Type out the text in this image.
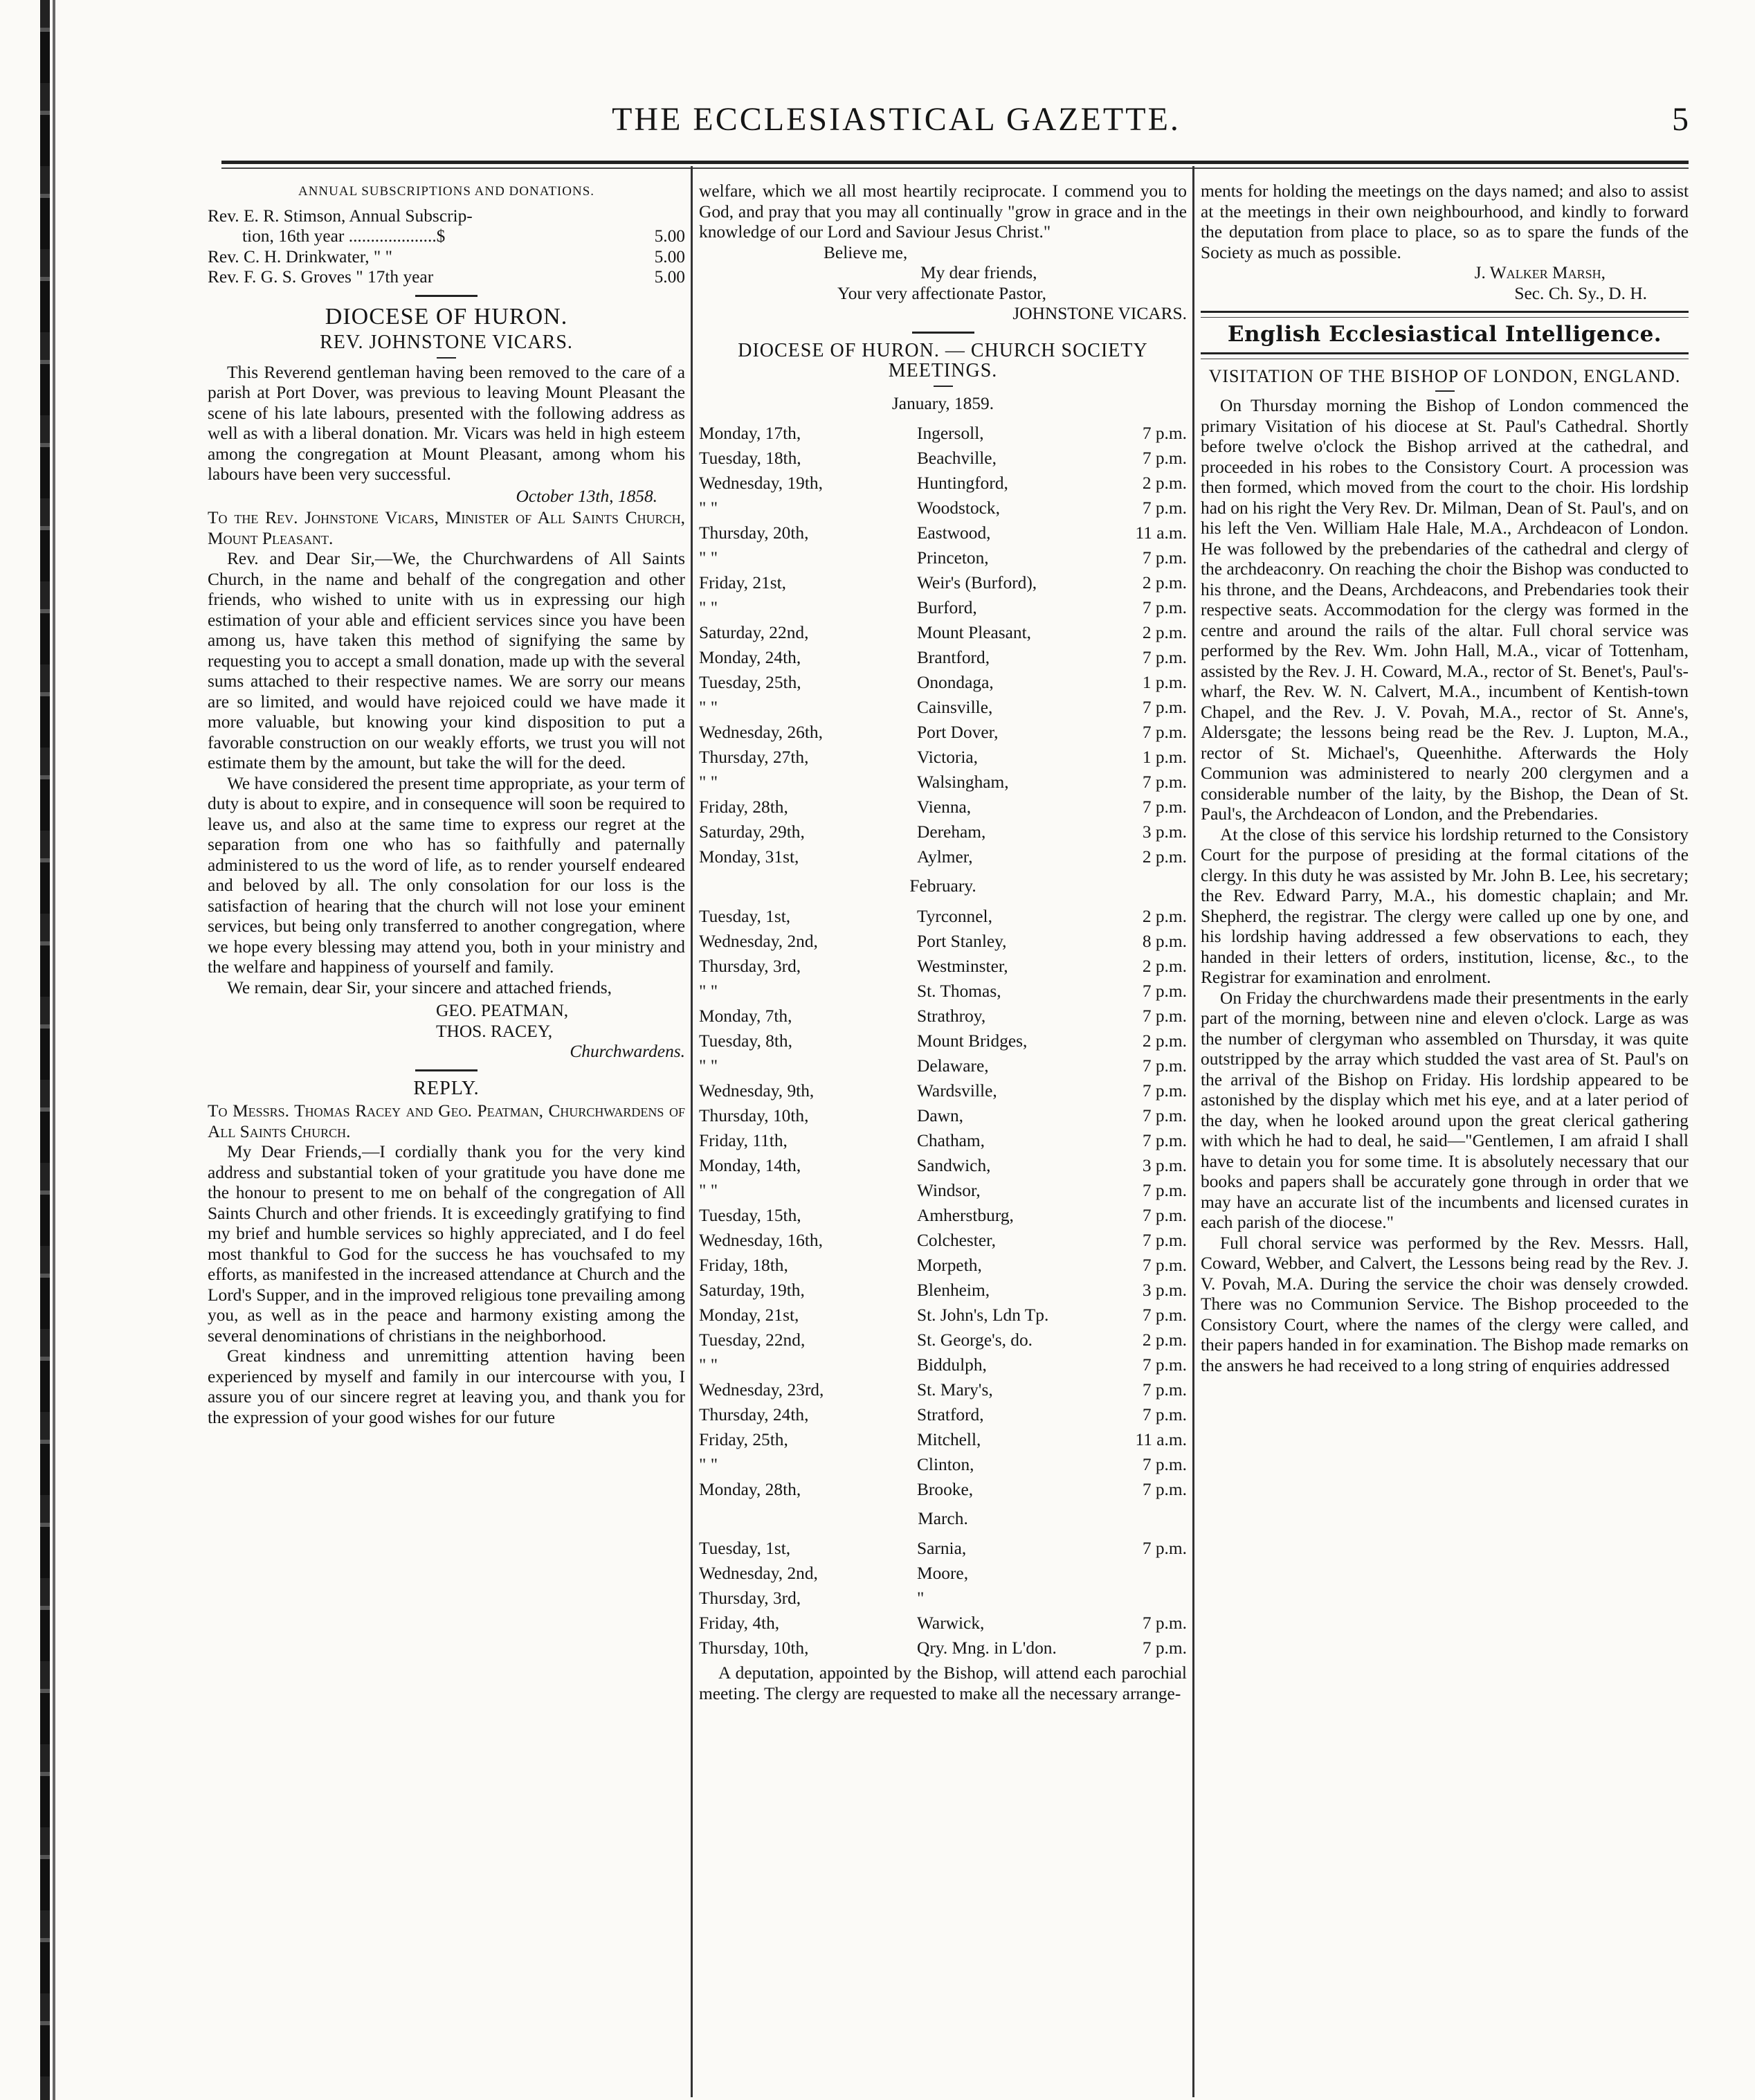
THE ECCLESIASTICAL GAZETTE.	5
ANNUAL SUBSCRIPTIONS AND DONATIONS.
Rev. E. R. Stimson, Annual Subscrip-
tion, 16th year ....................$	5.00
Rev. C. H. Drinkwater, " "	5.00
Rev. F. G. S. Groves " 17th year	5.00
DIOCESE OF HURON.
REV. JOHNSTONE VICARS.

This Reverend gentleman having been removed to the care of a parish at Port Dover, was previous to leaving Mount Pleasant the scene of his late labours, presented with the following address as well as with a liberal donation. Mr. Vicars was held in high esteem among the congregation at Mount Pleasant, among whom his labours have been very successful.

October 13th, 1858.

To the Rev. Johnstone Vicars, Minister of All Saints Church, Mount Pleasant.

Rev. and Dear Sir,—We, the Churchwardens of All Saints Church, in the name and behalf of the congregation and other friends, who wished to unite with us in expressing our high estimation of your able and efficient services since you have been among us, have taken this method of signifying the same by requesting you to accept a small donation, made up with the several sums attached to their respective names. We are sorry our means are so limited, and would have rejoiced could we have made it more valuable, but knowing your kind disposition to put a favorable construction on our weakly efforts, we trust you will not estimate them by the amount, but take the will for the deed.

We have considered the present time appropriate, as your term of duty is about to expire, and in consequence will soon be required to leave us, and also at the same time to express our regret at the separation from one who has so faithfully and paternally administered to us the word of life, as to render yourself endeared and beloved by all. The only consolation for our loss is the satisfaction of hearing that the church will not lose your eminent services, but being only transferred to another congregation, where we hope every blessing may attend you, both in your ministry and the welfare and happiness of yourself and family.

We remain, dear Sir, your sincere and attached friends,

GEO. PEATMAN,
THOS. RACEY,
Churchwardens.
REPLY.

To Messrs. Thomas Racey and Geo. Peatman, Churchwardens of All Saints Church.

My Dear Friends,—I cordially thank you for the very kind address and substantial token of your gratitude you have done me the honour to present to me on behalf of the congregation of All Saints Church and other friends. It is exceedingly gratifying to find my brief and humble services so highly appreciated, and I do feel most thankful to God for the success he has vouchsafed to my efforts, as manifested in the increased attendance at Church and the Lord's Supper, and in the improved religious tone prevailing among you, as well as in the peace and harmony existing among the several denominations of christians in the neighborhood.

Great kindness and unremitting attention having been experienced by myself and family in our intercourse with you, I assure you of our sincere regret at leaving you, and thank you for the expression of your good wishes for our future

welfare, which we all most heartily reciprocate. I commend you to God, and pray that you may all continually "grow in grace and in the knowledge of our Lord and Saviour Jesus Christ."

Believe me,
My dear friends,
Your very affectionate Pastor,
JOHNSTONE VICARS.
DIOCESE OF HURON. — CHURCH SOCIETY MEETINGS.
January, 1859.
Monday, 17th,	Ingersoll,	7 p.m.
Tuesday, 18th,	Beachville,	7 p.m.
Wednesday, 19th,	Huntingford,	2 p.m.
" "	Woodstock,	7 p.m.
Thursday, 20th,	Eastwood,	11 a.m.
" "	Princeton,	7 p.m.
Friday, 21st,	Weir's (Burford),	2 p.m.
" "	Burford,	7 p.m.
Saturday, 22nd,	Mount Pleasant,	2 p.m.
Monday, 24th,	Brantford,	7 p.m.
Tuesday, 25th,	Onondaga,	1 p.m.
" "	Cainsville,	7 p.m.
Wednesday, 26th,	Port Dover,	7 p.m.
Thursday, 27th,	Victoria,	1 p.m.
" "	Walsingham,	7 p.m.
Friday, 28th,	Vienna,	7 p.m.
Saturday, 29th,	Dereham,	3 p.m.
Monday, 31st,	Aylmer,	2 p.m.
February.
Tuesday, 1st,	Tyrconnel,	2 p.m.
Wednesday, 2nd,	Port Stanley,	8 p.m.
Thursday, 3rd,	Westminster,	2 p.m.
" "	St. Thomas,	7 p.m.
Monday, 7th,	Strathroy,	7 p.m.
Tuesday, 8th,	Mount Bridges,	2 p.m.
" "	Delaware,	7 p.m.
Wednesday, 9th,	Wardsville,	7 p.m.
Thursday, 10th,	Dawn,	7 p.m.
Friday, 11th,	Chatham,	7 p.m.
Monday, 14th,	Sandwich,	3 p.m.
" "	Windsor,	7 p.m.
Tuesday, 15th,	Amherstburg,	7 p.m.
Wednesday, 16th,	Colchester,	7 p.m.
Friday, 18th,	Morpeth,	7 p.m.
Saturday, 19th,	Blenheim,	3 p.m.
Monday, 21st,	St. John's, Ldn Tp.	7 p.m.
Tuesday, 22nd,	St. George's, do.	2 p.m.
" "	Biddulph,	7 p.m.
Wednesday, 23rd,	St. Mary's,	7 p.m.
Thursday, 24th,	Stratford,	7 p.m.
Friday, 25th,	Mitchell,	11 a.m.
" "	Clinton,	7 p.m.
Monday, 28th,	Brooke,	7 p.m.
March.
Tuesday, 1st,	Sarnia,	7 p.m.
Wednesday, 2nd,	Moore,	
Thursday, 3rd,	"	
Friday, 4th,	Warwick,	7 p.m.
Thursday, 10th,	Qry. Mng. in L'don.	7 p.m.

A deputation, appointed by the Bishop, will attend each parochial meeting. The clergy are requested to make all the necessary arrange-

ments for holding the meetings on the days named; and also to assist at the meetings in their own neighbourhood, and kindly to forward the deputation from place to place, so as to spare the funds of the Society as much as possible.

J. Walker Marsh,
Sec. Ch. Sy., D. H.
English Ecclesiastical Intelligence.
VISITATION OF THE BISHOP OF LONDON, ENGLAND.

On Thursday morning the Bishop of London commenced the primary Visitation of his diocese at St. Paul's Cathedral. Shortly before twelve o'clock the Bishop arrived at the cathedral, and proceeded in his robes to the Consistory Court. A procession was then formed, which moved from the court to the choir. His lordship had on his right the Very Rev. Dr. Milman, Dean of St. Paul's, and on his left the Ven. William Hale Hale, M.A., Archdeacon of London. He was followed by the prebendaries of the cathedral and clergy of the archdeaconry. On reaching the choir the Bishop was conducted to his throne, and the Deans, Archdeacons, and Prebendaries took their respective seats. Accommodation for the clergy was formed in the centre and around the rails of the altar. Full choral service was performed by the Rev. Wm. John Hall, M.A., vicar of Tottenham, assisted by the Rev. J. H. Coward, M.A., rector of St. Benet's, Paul's-wharf, the Rev. W. N. Calvert, M.A., incumbent of Kentish-town Chapel, and the Rev. J. V. Povah, M.A., rector of St. Anne's, Aldersgate; the lessons being read be the Rev. J. Lupton, M.A., rector of St. Michael's, Queenhithe. Afterwards the Holy Communion was administered to nearly 200 clergymen and a considerable number of the laity, by the Bishop, the Dean of St. Paul's, the Archdeacon of London, and the Prebendaries.

At the close of this service his lordship returned to the Consistory Court for the purpose of presiding at the formal citations of the clergy. In this duty he was assisted by Mr. John B. Lee, his secretary; the Rev. Edward Parry, M.A., his domestic chaplain; and Mr. Shepherd, the registrar. The clergy were called up one by one, and his lordship having addressed a few observations to each, they handed in their letters of orders, institution, license, &c., to the Registrar for examination and enrolment.

On Friday the churchwardens made their presentments in the early part of the morning, between nine and eleven o'clock. Large as was the number of clergyman who assembled on Thursday, it was quite outstripped by the array which studded the vast area of St. Paul's on the arrival of the Bishop on Friday. His lordship appeared to be astonished by the display which met his eye, and at a later period of the day, when he looked around upon the great clerical gathering with which he had to deal, he said—"Gentlemen, I am afraid I shall have to detain you for some time. It is absolutely necessary that our books and papers shall be accurately gone through in order that we may have an accurate list of the incumbents and licensed curates in each parish of the diocese."

Full choral service was performed by the Rev. Messrs. Hall, Coward, Webber, and Calvert, the Lessons being read by the Rev. J. V. Povah, M.A. During the service the choir was densely crowded. There was no Communion Service. The Bishop proceeded to the Consistory Court, where the names of the clergy were called, and their papers handed in for examination. The Bishop made remarks on the answers he had received to a long string of enquiries addressed
